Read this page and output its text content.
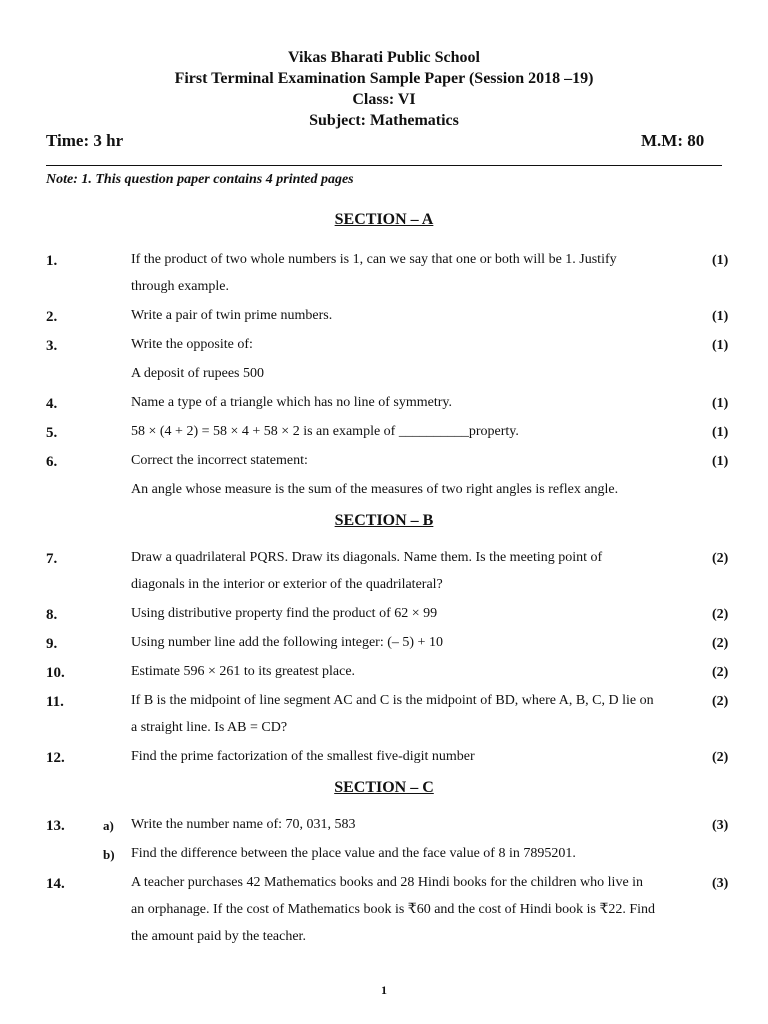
Vikas Bharati Public School
First Terminal Examination Sample Paper (Session 2018 –19)
Class: VI
Subject: Mathematics
Time: 3 hr	M.M: 80
Note: 1. This question paper contains 4 printed pages
SECTION – A
1.	If the product of two whole numbers is 1, can we say that one or both will be 1. Justify
through example.
(1)
2.	Write a pair of twin prime numbers.	(1)
3.	Write the opposite of:
A deposit of rupees 500
(1)
4.	Name a type of a triangle which has no line of symmetry.	(1)
5.	58 × (4 + 2) = 58 × 4 + 58 × 2 is an example of __________property.	(1)
6.	Correct the incorrect statement:
An angle whose measure is the sum of the measures of two right angles is reflex angle.
(1)
SECTION – B
7.	Draw a quadrilateral PQRS. Draw its diagonals. Name them. Is the meeting point of
diagonals in the interior or exterior of the quadrilateral?
(2)
8.	Using distributive property find the product of 62 × 99	(2)
9.	Using number line add the following integer: (– 5) + 10	(2)
10.	Estimate 596 × 261 to its greatest place.	(2)
11.	If B is the midpoint of line segment AC and C is the midpoint of BD, where A, B, C, D lie on
a straight line. Is AB = CD?
(2)
12.	Find the prime factorization of the smallest five-digit number	(2)
SECTION – C
13.	a) Write the number name of: 70, 031, 583	(3)
b) Find the difference between the place value and the face value of 8 in 7895201.
14.	A teacher purchases 42 Mathematics books and 28 Hindi books for the children who live in
an orphanage. If the cost of Mathematics book is ₹60 and the cost of Hindi book is ₹22. Find
the amount paid by the teacher.
(3)
1
